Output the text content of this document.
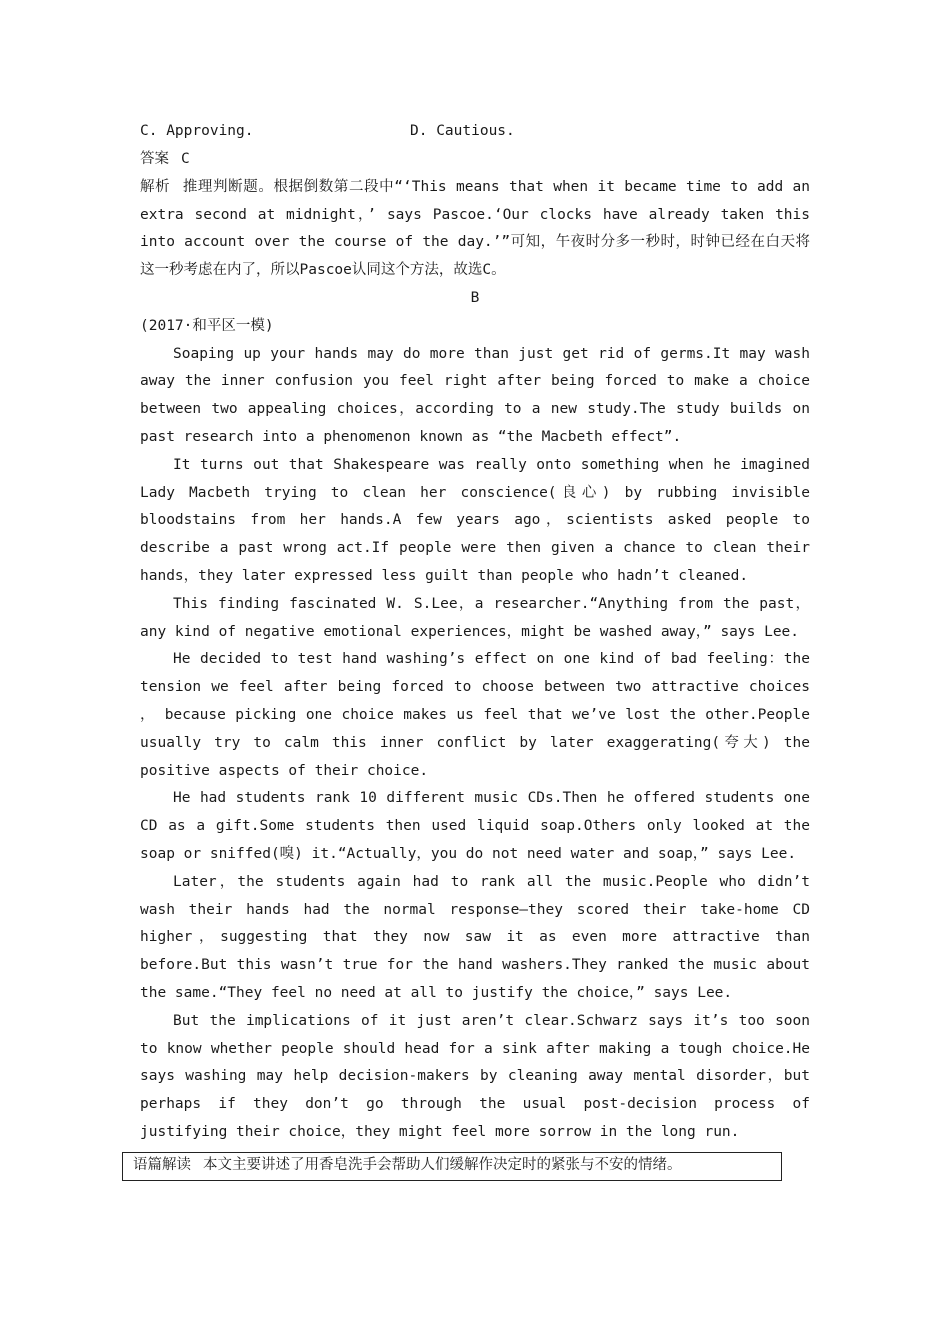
C. Approving.	D. Cautious.

答案 C

解析 推理判断题。根据倒数第二段中“‘This means that when it became time to add an extra second at midnight，’ says Pascoe.‘Our clocks have already taken this into account over the course of the day.’”可知，午夜时分多一秒时，时钟已经在白天将这一秒考虑在内了，所以Pascoe认同这个方法，故选C。

B

(2017·和平区一模)

Soaping up your hands may do more than just get rid of germs.It may wash away the inner confusion you feel right after being forced to make a choice between two appealing choices，according to a new study.The study builds on past research into a phenomenon known as “the Macbeth effect”.

It turns out that Shakespeare was really onto something when he imagined Lady Macbeth trying to clean her conscience(良心) by rubbing invisible bloodstains from her hands.A few years ago，scientists asked people to describe a past wrong act.If people were then given a chance to clean their hands，they later expressed less guilt than people who hadn’t cleaned.

This finding fascinated W. S.Lee，a researcher.“Anything from the past，any kind of negative emotional experiences，might be washed away，” says Lee.

He decided to test hand washing’s effect on one kind of bad feeling：the tension we feel after being forced to choose between two attractive choices ， because picking one choice makes us feel that we’ve lost the other.People usually try to calm this inner conflict by later exaggerating(夸大) the positive aspects of their choice.

He had students rank 10 different music CDs.Then he offered students one CD as a gift.Some students then used liquid soap.Others only looked at the soap or sniffed(嗅) it.“Actually，you do not need water and soap，” says Lee.

Later，the students again had to rank all the music.People who didn’t wash their hands had the normal response—they scored their take-home CD higher，suggesting that they now saw it as even more attractive than before.But this wasn’t true for the hand washers.They ranked the music about the same.“They feel no need at all to justify the choice，” says Lee.

But the implications of it just aren’t clear.Schwarz says it’s too soon to know whether people should head for a sink after making a tough choice.He says washing may help decision-makers by cleaning away mental disorder，but perhaps if they don’t go through the usual post-decision process of justifying their choice，they might feel more sorrow in the long run.

语篇解读 本文主要讲述了用香皂洗手会帮助人们缓解作决定时的紧张与不安的情绪。
